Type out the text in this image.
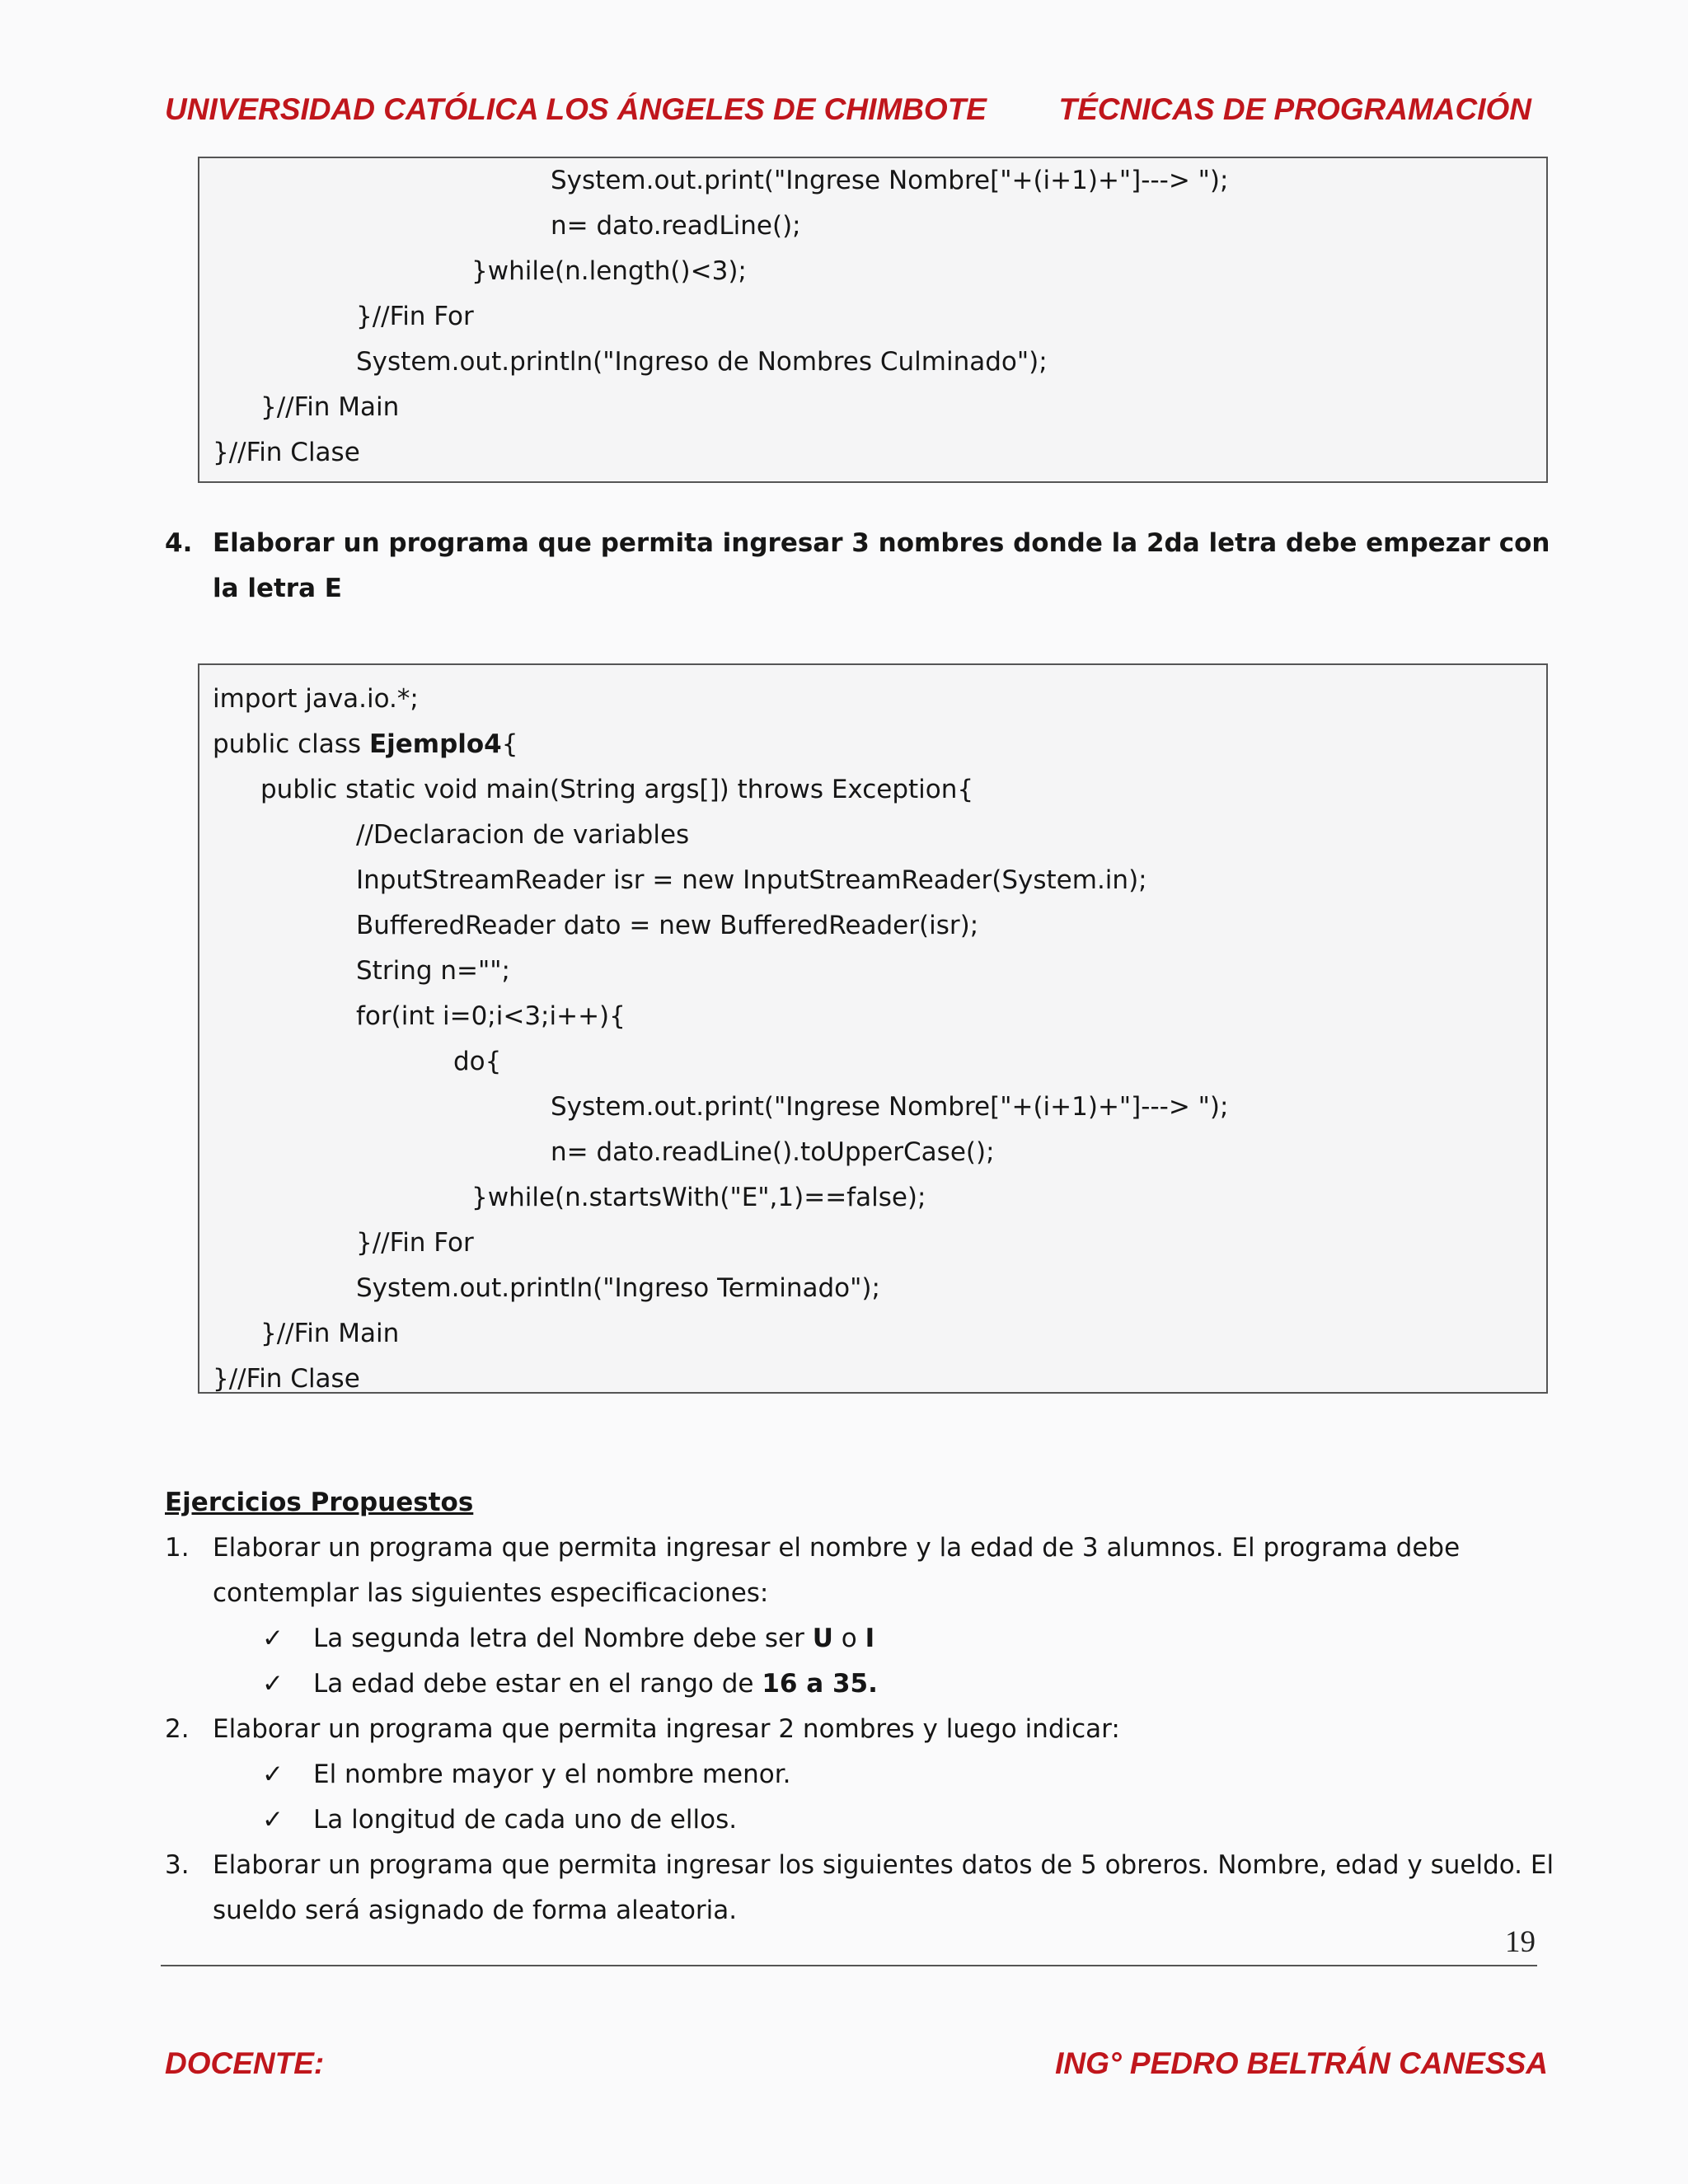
UNIVERSIDAD CATÓLICA LOS ÁNGELES DE CHIMBOTE TÉCNICAS DE PROGRAMACIÓN
System.out.print("Ingrese Nombre["+(i+1)+"]---> ");
n= dato.readLine();
}while(n.length()<3);
}//Fin For
System.out.println("Ingreso de Nombres Culminado");
}//Fin Main
}//Fin Clase
4. Elaborar un programa que permita ingresar 3 nombres donde la 2da letra debe empezar con
la letra E
import java.io.*;
public class Ejemplo4{
public static void main(String args[]) throws Exception{
//Declaracion de variables
InputStreamReader isr = new InputStreamReader(System.in);
BufferedReader dato = new BufferedReader(isr);
String n="";
for(int i=0;i<3;i++){
do{
System.out.print("Ingrese Nombre["+(i+1)+"]---> ");
n= dato.readLine().toUpperCase();
}while(n.startsWith("E",1)==false);
}//Fin For
System.out.println("Ingreso Terminado");
}//Fin Main
}//Fin Clase
Ejercicios Propuestos
1. Elaborar un programa que permita ingresar el nombre y la edad de 3 alumnos. El programa debe
contemplar las siguientes especificaciones:
✓ La segunda letra del Nombre debe ser U o I
✓ La edad debe estar en el rango de 16 a 35.
2. Elaborar un programa que permita ingresar 2 nombres y luego indicar:
✓ El nombre mayor y el nombre menor.
✓ La longitud de cada uno de ellos.
3. Elaborar un programa que permita ingresar los siguientes datos de 5 obreros. Nombre, edad y sueldo. El
sueldo será asignado de forma aleatoria.
19
DOCENTE:	ING° PEDRO BELTRÁN CANESSA
